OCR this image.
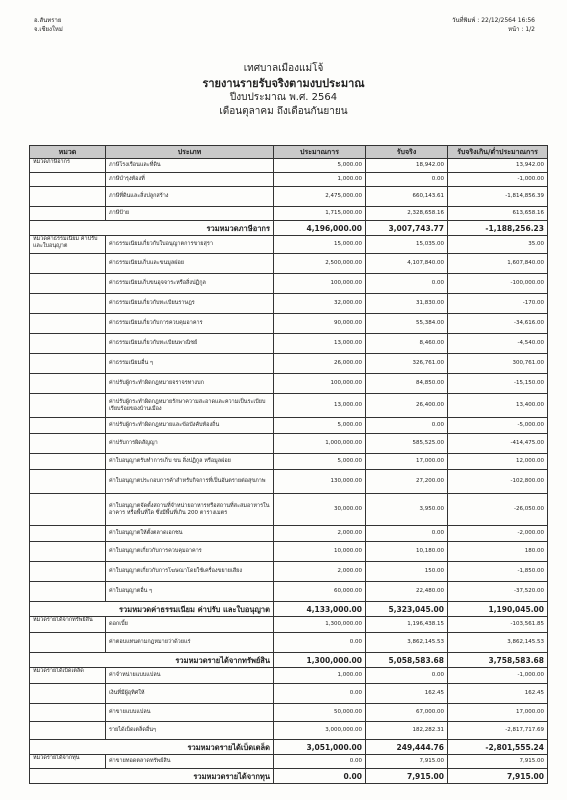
อ.สันทราย
จ.เชียงใหม่
วันที่พิมพ์ : 22/12/2564 16:56
หน้า : 1/2
เทศบาลเมืองแม่โจ้
รายงานรายรับจริงตามงบประมาณ
ปีงบประมาณ พ.ศ. 2564
เดือนตุลาคม ถึงเดือนกันยายน
หมวด	ประเภท	ประมาณการ	รับจริง	รับจริงเกิน/ต่ำประมาณการ
หมวดภาษีอากร	ภาษีโรงเรือนและที่ดิน	5,000.00	18,942.00	13,942.00
	ภาษีบำรุงท้องที่	1,000.00	0.00	-1,000.00
	ภาษีที่ดินและสิ่งปลูกสร้าง	2,475,000.00	660,143.61	-1,814,856.39
	ภาษีป้าย	1,715,000.00	2,328,658.16	613,658.16
รวมหมวดภาษีอากร		4,196,000.00	3,007,743.77	-1,188,256.23
หมวดค่าธรรมเนียม ค่าปรับ และใบอนุญาต	ค่าธรรมเนียมเกี่ยวกับใบอนุญาตการขายสุรา	15,000.00	15,035.00	35.00
	ค่าธรรมเนียมเก็บและขนมูลฝอย	2,500,000.00	4,107,840.00	1,607,840.00
	ค่าธรรมเนียมเก็บขนอุจจาระหรือสิ่งปฏิกูล	100,000.00	0.00	-100,000.00
	ค่าธรรมเนียมเกี่ยวกับทะเบียนราษฎร	32,000.00	31,830.00	-170.00
	ค่าธรรมเนียมเกี่ยวกับการควบคุมอาคาร	90,000.00	55,384.00	-34,616.00
	ค่าธรรมเนียมเกี่ยวกับทะเบียนพาณิชย์	13,000.00	8,460.00	-4,540.00
	ค่าธรรมเนียมอื่น ๆ	26,000.00	326,761.00	300,761.00
	ค่าปรับผู้กระทำผิดกฎหมายจราจรทางบก	100,000.00	84,850.00	-15,150.00
	ค่าปรับผู้กระทำผิดกฎหมายรักษาความสะอาดและความเป็นระเบียบเรียบร้อยของบ้านเมือง	13,000.00	26,400.00	13,400.00
	ค่าปรับผู้กระทำผิดกฎหมายและข้อบังคับท้องถิ่น	5,000.00	0.00	-5,000.00
	ค่าปรับการผิดสัญญา	1,000,000.00	585,525.00	-414,475.00
	ค่าใบอนุญาตรับทำการเก็บ ขน สิ่งปฏิกูล หรือมูลฝอย	5,000.00	17,000.00	12,000.00
	ค่าใบอนุญาตประกอบการค้าสำหรับกิจการที่เป็นอันตรายต่อสุขภาพ	130,000.00	27,200.00	-102,800.00
	ค่าใบอนุญาตจัดตั้งสถานที่จำหน่ายอาหารหรือสถานที่สะสมอาหารในอาคาร หรือพื้นที่ใด ซึ่งมีพื้นที่เกิน 200 ตารางเมตร	30,000.00	3,950.00	-26,050.00
	ค่าใบอนุญาตให้ตั้งตลาดเอกชน	2,000.00	0.00	-2,000.00
	ค่าใบอนุญาตเกี่ยวกับการควบคุมอาคาร	10,000.00	10,180.00	180.00
	ค่าใบอนุญาตเกี่ยวกับการโฆษณาโดยใช้เครื่องขยายเสียง	2,000.00	150.00	-1,850.00
	ค่าใบอนุญาตอื่น ๆ	60,000.00	22,480.00	-37,520.00
รวมหมวดค่าธรรมเนียม ค่าปรับ และใบอนุญาต		4,133,000.00	5,323,045.00	1,190,045.00
หมวดรายได้จากทรัพย์สิน	ดอกเบี้ย	1,300,000.00	1,196,438.15	-103,561.85
	ค่าตอบแทนตามกฎหมายว่าด้วยแร่	0.00	3,862,145.53	3,862,145.53
รวมหมวดรายได้จากทรัพย์สิน		1,300,000.00	5,058,583.68	3,758,583.68
หมวดรายได้เบ็ดเตล็ด	ค่าจำหน่ายแบบแปลน	1,000.00	0.00	-1,000.00
	เงินที่มีผู้อุทิศให้	0.00	162.45	162.45
	ค่าขายแบบแปลน	50,000.00	67,000.00	17,000.00
	รายได้เบ็ดเตล็ดอื่นๆ	3,000,000.00	182,282.31	-2,817,717.69
รวมหมวดรายได้เบ็ดเตล็ด		3,051,000.00	249,444.76	-2,801,555.24
หมวดรายได้จากทุน	ค่าขายทอดตลาดทรัพย์สิน	0.00	7,915.00	7,915.00
รวมหมวดรายได้จากทุน		0.00	7,915.00	7,915.00
